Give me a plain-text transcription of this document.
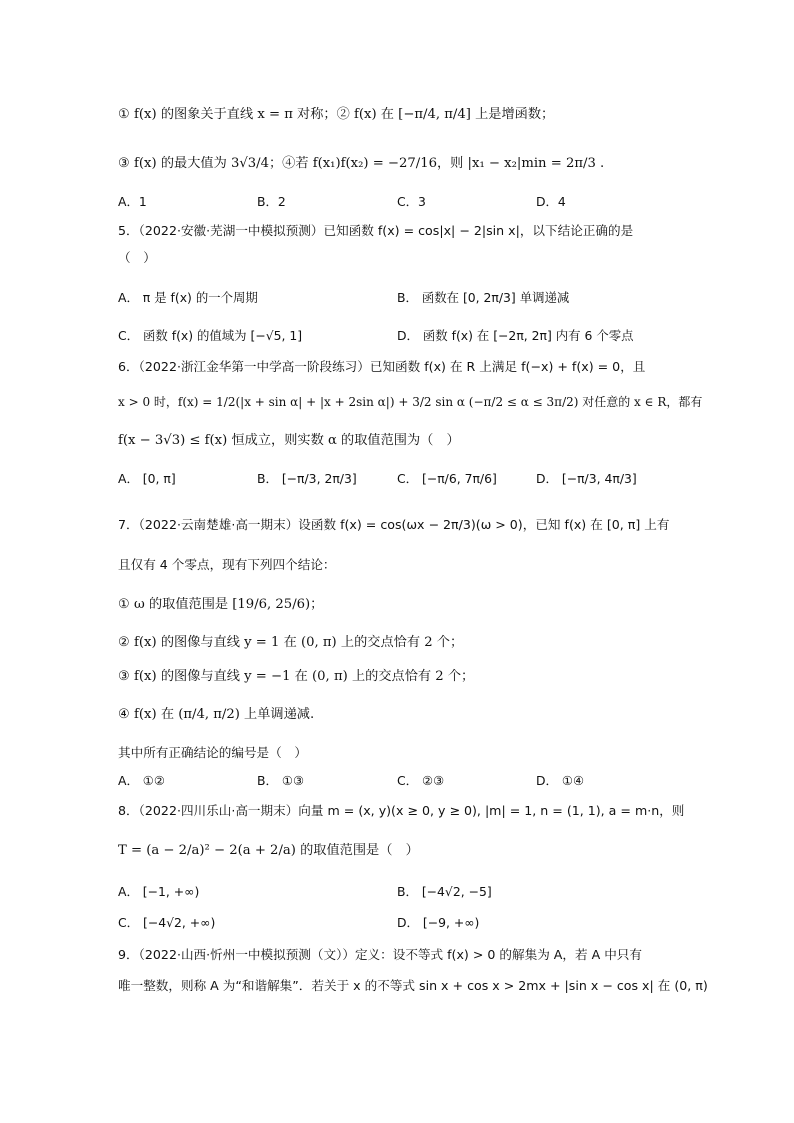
① f(x) 的图象关于直线 x = π 对称；② f(x) 在 [−π/4, π/4] 上是增函数；
③ f(x) 的最大值为 3√3/4；④若 f(x₁)f(x₂) = −27/16，则 |x₁ − x₂|min = 2π/3 .
A．1	B．2	C．3	D．4
5．（2022·安徽·芜湖一中模拟预测）已知函数 f(x) = cos|x| − 2|sin x|，以下结论正确的是
（　）
A． π 是 f(x) 的一个周期	B． 函数在 [0, 2π/3] 单调递减
C． 函数 f(x) 的值域为 [−√5, 1]	D． 函数 f(x) 在 [−2π, 2π] 内有 6 个零点
6．（2022·浙江金华第一中学高一阶段练习）已知函数 f(x) 在 R 上满足 f(−x) + f(x) = 0，且
x > 0 时，f(x) = 1/2(|x + sin α| + |x + 2sin α|) + 3/2 sin α (−π/2 ≤ α ≤ 3π/2) 对任意的 x ∈ R，都有
f(x − 3√3) ≤ f(x) 恒成立，则实数 α 的取值范围为（　）
A． [0, π]	B． [−π/3, 2π/3]	C． [−π/6, 7π/6]	D． [−π/3, 4π/3]
7．（2022·云南楚雄·高一期末）设函数 f(x) = cos(ωx − 2π/3)(ω > 0)，已知 f(x) 在 [0, π] 上有
且仅有 4 个零点，现有下列四个结论：
① ω 的取值范围是 [19/6, 25/6)；
② f(x) 的图像与直线 y = 1 在 (0, π) 上的交点恰有 2 个；
③ f(x) 的图像与直线 y = −1 在 (0, π) 上的交点恰有 2 个；
④ f(x) 在 (π/4, π/2) 上单调递减.
其中所有正确结论的编号是（　）
A． ①②	B． ①③	C． ②③	D． ①④
8．（2022·四川乐山·高一期末）向量 m = (x, y)(x ≥ 0, y ≥ 0), |m| = 1, n = (1, 1), a = m·n，则
T = (a − 2/a)² − 2(a + 2/a) 的取值范围是（　）
A． [−1, +∞)	B． [−4√2, −5]
C． [−4√2, +∞)	D． [−9, +∞)
9．（2022·山西·忻州一中模拟预测（文））定义：设不等式 f(x) > 0 的解集为 A，若 A 中只有
唯一整数，则称 A 为“和谐解集”．若关于 x 的不等式 sin x + cos x > 2mx + |sin x − cos x| 在 (0, π)
